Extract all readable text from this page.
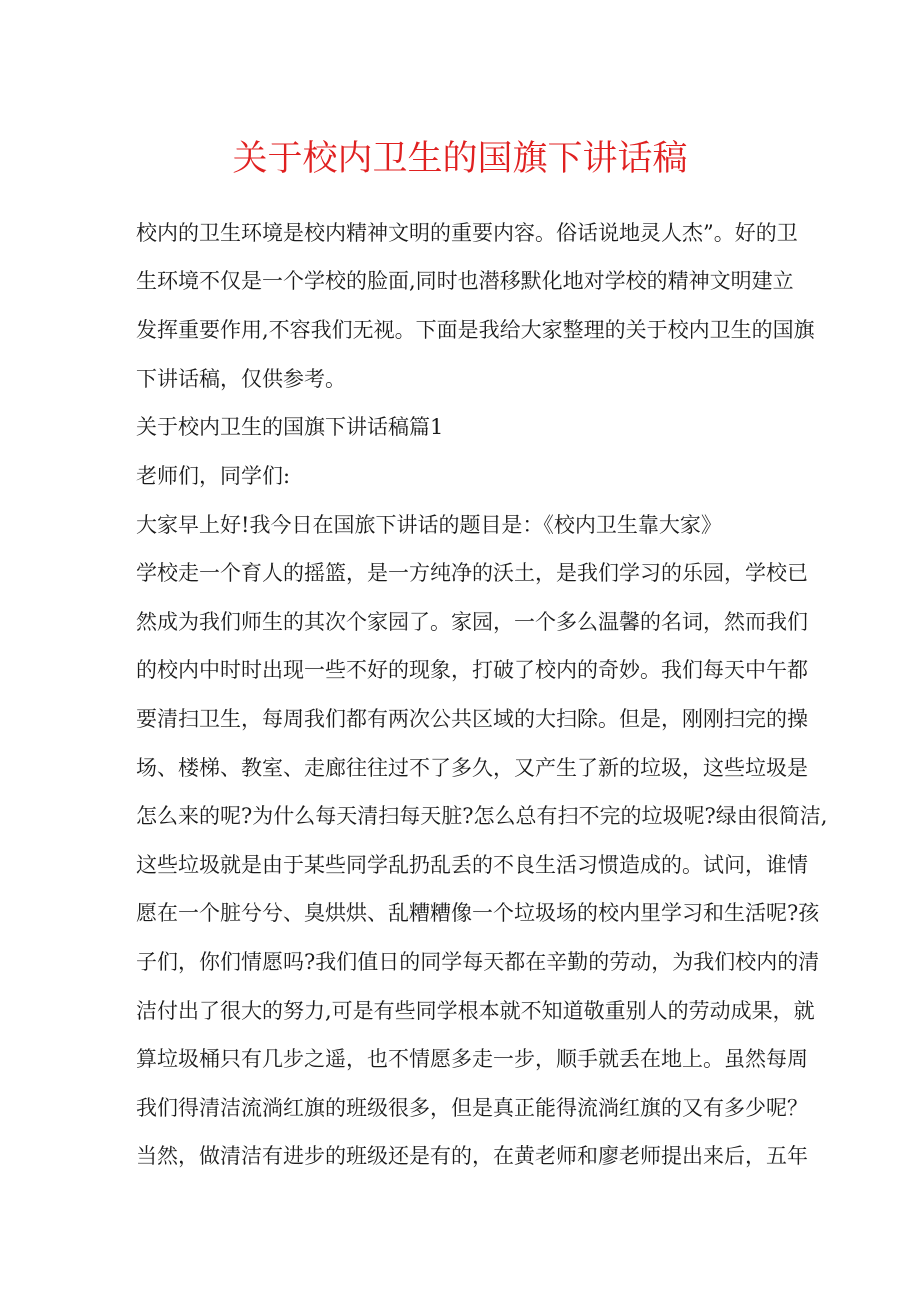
关于校内卫生的国旗下讲话稿
校内的卫生环境是校内精神文明的重要内容。俗话说地灵人杰”。好的卫
生环境不仅是一个学校的脸面,同时也潜移默化地对学校的精神文明建立
发挥重要作用,不容我们无视。下面是我给大家整理的关于校内卫生的国旗
下讲话稿，仅供参考。
关于校内卫生的国旗下讲话稿篇1
老师们，同学们:
大家早上好!我今日在国旅下讲话的题目是：《校内卫生靠大家》
学校走一个育人的摇篮，是一方纯净的沃土，是我们学习的乐园，学校已
然成为我们师生的其次个家园了。家园，一个多么温馨的名词，然而我们
的校内中时时出现一些不好的现象，打破了校内的奇妙。我们每天中午都
要清扫卫生，每周我们都有两次公共区域的大扫除。但是，刚刚扫完的操
场、楼梯、教室、走廊往往过不了多久，又产生了新的垃圾，这些垃圾是
怎么来的呢?为什么每天清扫每天脏?怎么总有扫不完的垃圾呢?绿由很简洁,
这些垃圾就是由于某些同学乱扔乱丢的不良生活习惯造成的。试问，谁情
愿在一个脏兮兮、臭烘烘、乱糟糟像一个垃圾场的校内里学习和生活呢?孩
子们，你们情愿吗?我们值日的同学每天都在辛勤的劳动，为我们校内的清
洁付出了很大的努力,可是有些同学根本就不知道敬重别人的劳动成果，就
算垃圾桶只有几步之遥，也不情愿多走一步，顺手就丢在地上。虽然每周
我们得清洁流淌红旗的班级很多，但是真正能得流淌红旗的又有多少呢？
当然，做清洁有进步的班级还是有的，在黄老师和廖老师提出来后，五年
